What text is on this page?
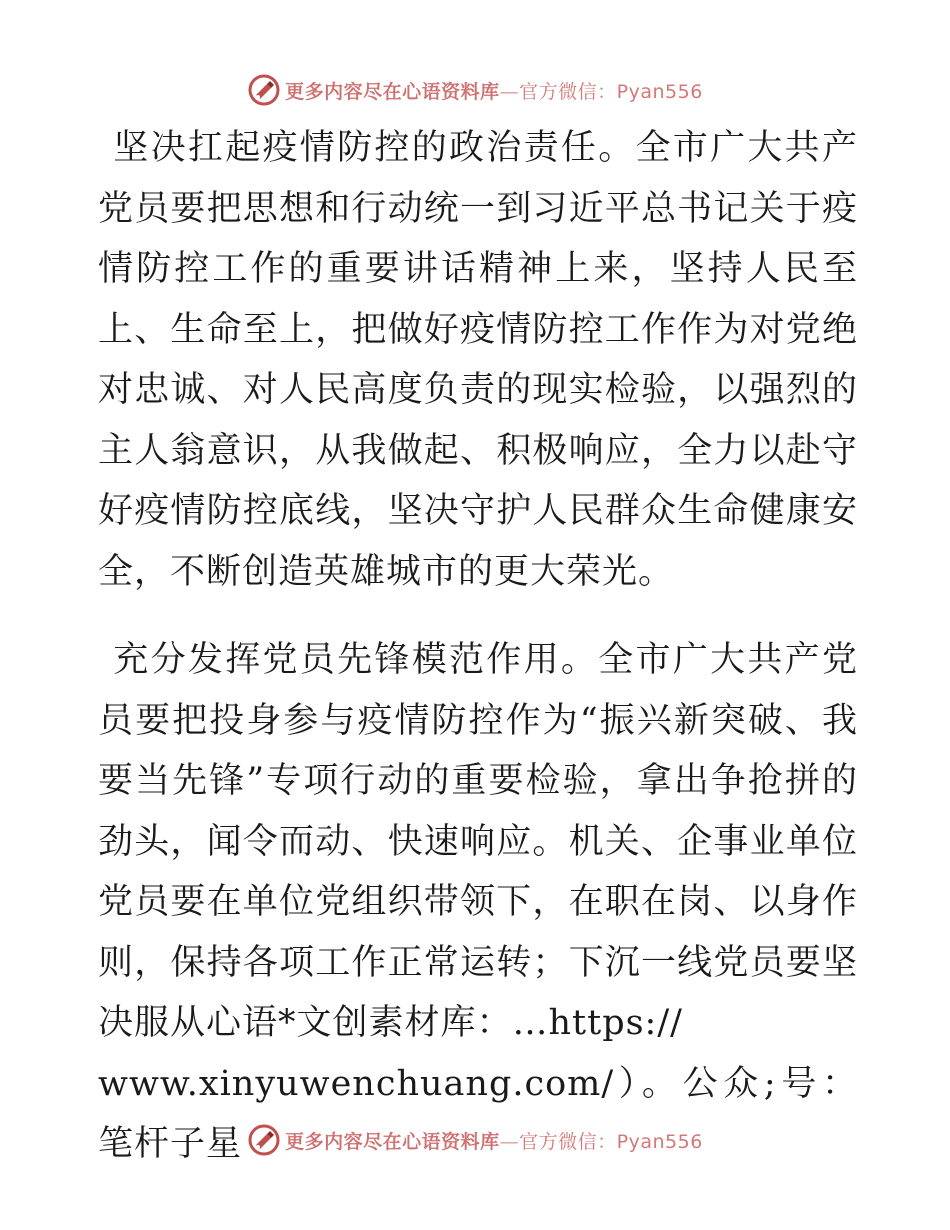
更多内容尽在心语资料库—官方微信：Pyan556

坚决扛起疫情防控的政治责任。全市广大共产党员要把思想和行动统一到习近平总书记关于疫情防控工作的重要讲话精神上来，坚持人民至上、生命至上，把做好疫情防控工作作为对党绝对忠诚、对人民高度负责的现实检验，以强烈的主人翁意识，从我做起、积极响应，全力以赴守好疫情防控底线，坚决守护人民群众生命健康安全，不断创造英雄城市的更大荣光。

充分发挥党员先锋模范作用。全市广大共产党员要把投身参与疫情防控作为“振兴新突破、我要当先锋”专项行动的重要检验，拿出争抢拼的劲头，闻令而动、快速响应。机关、企事业单位党员要在单位党组织带领下，在职在岗、以身作则，保持各项工作正常运转；下沉一线党员要坚决服从心语*文创素材库：…https://
www.xinyuwenchuang.com/）。公众;号：笔杆子星	更多内容尽在心语资料库—官方微信：Pyan556
